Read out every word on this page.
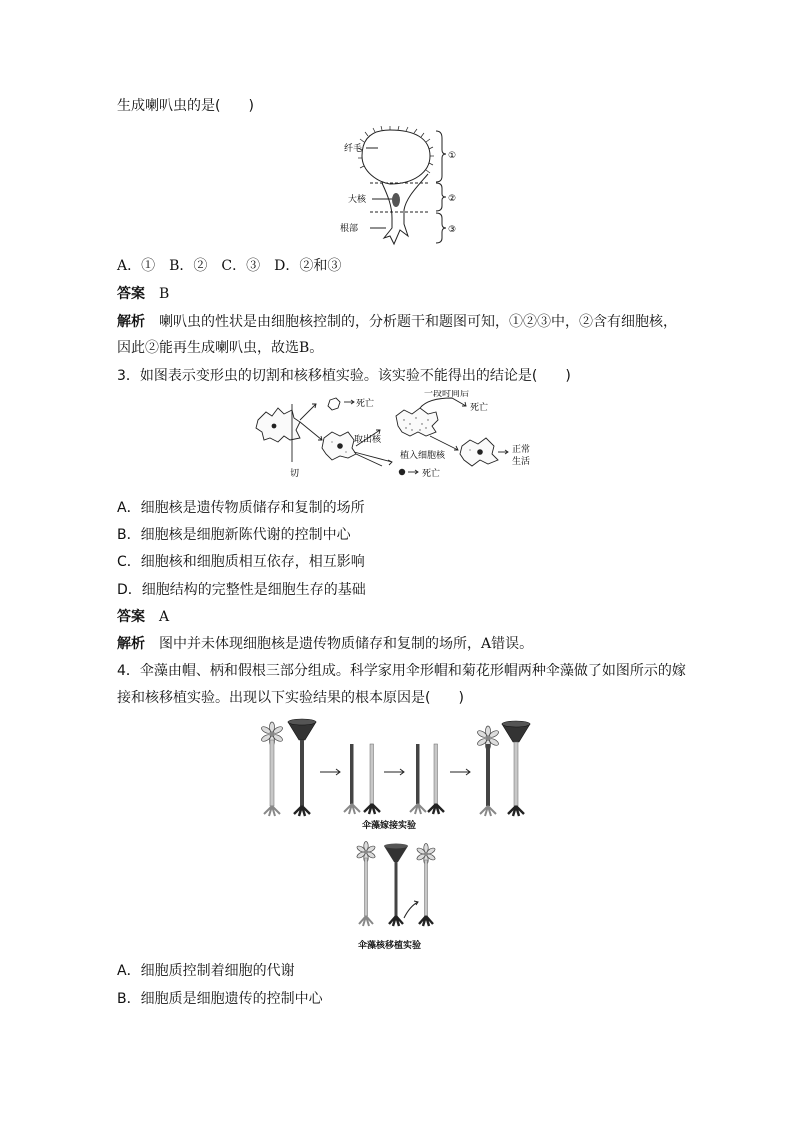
生成喇叭虫的是(　　)
纤毛
大核
根部
①
②
③
A．①　B．②　C．③　D．②和③
答案　 B
解析　 喇叭虫的性状是由细胞核控制的，分析题干和题图可知，①②③中，②含有细胞核，
因此②能再生成喇叭虫，故选B。
3．如图表示变形虫的切割和核移植实验。该实验不能得出的结论是(　　)
死亡
一段时间后
死亡
取出核
植入细胞核
正常生活
死亡
切
A．细胞核是遗传物质储存和复制的场所
B．细胞核是细胞新陈代谢的控制中心
C．细胞核和细胞质相互依存，相互影响
D．细胞结构的完整性是细胞生存的基础
答案　 A
解析　 图中并未体现细胞核是遗传物质储存和复制的场所，A错误。
4．伞藻由帽、柄和假根三部分组成。科学家用伞形帽和菊花形帽两种伞藻做了如图所示的嫁
接和核移植实验。出现以下实验结果的根本原因是(　　)
伞藻嫁接实验
伞藻核移植实验
A．细胞质控制着细胞的代谢
B．细胞质是细胞遗传的控制中心
